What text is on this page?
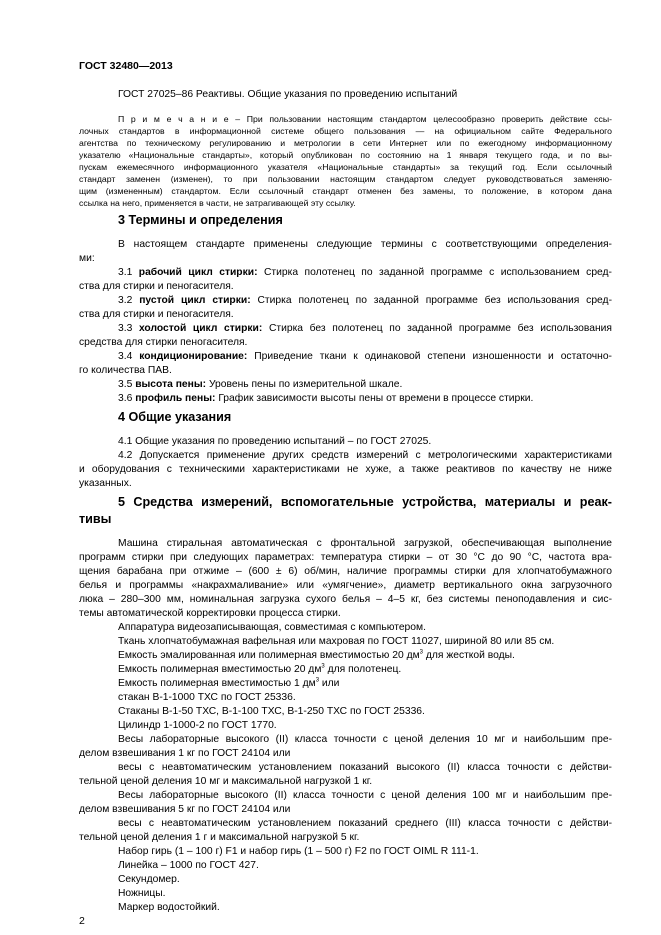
ГОСТ 32480—2013
ГОСТ 27025–86 Реактивы. Общие указания по проведению испытаний
П р и м е ч а н и е – При пользовании настоящим стандартом целесообразно проверить действие ссы-
лочных стандартов в информационной системе общего пользования — на официальном сайте Федерального
агентства по техническому регулированию и метрологии в сети Интернет или по ежегодному информационному
указателю «Национальные стандарты», который опубликован по состоянию на 1 января текущего года, и по вы-
пускам ежемесячного информационного указателя «Национальные стандарты» за текущий год. Если ссылочный
стандарт заменен (изменен), то при пользовании настоящим стандартом следует руководствоваться заменяю-
щим (измененным) стандартом. Если ссылочный стандарт отменен без замены, то положение, в котором дана
ссылка на него, применяется в части, не затрагивающей эту ссылку.
3 Термины и определения
В настоящем стандарте применены следующие термины с соответствующими определения-
ми:
3.1 рабочий цикл стирки: Стирка полотенец по заданной программе с использованием сред-
ства для стирки и пеногасителя.
3.2 пустой цикл стирки: Стирка полотенец по заданной программе без использования сред-
ства для стирки и пеногасителя.
3.3 холостой цикл стирки: Стирка без полотенец по заданной программе без использования
средства для стирки пеногасителя.
3.4 кондиционирование: Приведение ткани к одинаковой степени изношенности и остаточно-
го количества ПАВ.
3.5 высота пены: Уровень пены по измерительной шкале.
3.6 профиль пены: График зависимости высоты пены от времени в процессе стирки.
4 Общие указания
4.1 Общие указания по проведению испытаний – по ГОСТ 27025.
4.2 Допускается применение других средств измерений с метрологическими характеристиками
и оборудования с техническими характеристиками не хуже, а также реактивов по качеству не ниже
указанных.
5 Средства измерений, вспомогательные устройства, материалы и реак-
тивы
Машина стиральная автоматическая с фронтальной загрузкой, обеспечивающая выполнение
программ стирки при следующих параметрах: температура стирки – от 30 °С до 90 °С, частота вра-
щения барабана при отжиме – (600 ± 6) об/мин, наличие программы стирки для хлопчатобумажного
белья и программы «накрахмаливание» или «умягчение», диаметр вертикального окна загрузочного
люка – 280–300 мм, номинальная загрузка сухого белья – 4–5 кг, без системы пеноподавления и сис-
темы автоматической корректировки процесса стирки.
Аппаратура видеозаписывающая, совместимая с компьютером.
Ткань хлопчатобумажная вафельная или махровая по ГОСТ 11027, шириной 80 или 85 см.
Емкость эмалированная или полимерная вместимостью 20 $дм^3$ для жесткой воды.
Емкость полимерная вместимостью 20 $дм^3$ для полотенец.
Емкость полимерная вместимостью 1 $дм^3$ или
стакан В-1-1000 ТХС по ГОСТ 25336.
Стаканы В-1-50 ТХС, В-1-100 ТХС, В-1-250 ТХС по ГОСТ 25336.
Цилиндр 1-1000-2 по ГОСТ 1770.
Весы лабораторные высокого (II) класса точности с ценой деления 10 мг и наибольшим пре-
делом взвешивания 1 кг по ГОСТ 24104 или
весы с неавтоматическим установлением показаний высокого (II) класса точности с действи-
тельной ценой деления 10 мг и максимальной нагрузкой 1 кг.
Весы лабораторные высокого (II) класса точности с ценой деления 100 мг и наибольшим пре-
делом взвешивания 5 кг по ГОСТ 24104 или
весы с неавтоматическим установлением показаний среднего (III) класса точности с действи-
тельной ценой деления 1 г и максимальной нагрузкой 5 кг.
Набор гирь (1 – 100 г) F1 и набор гирь (1 – 500 г) F2 по ГОСТ OIML R 111-1.
Линейка – 1000 по ГОСТ 427.
Секундомер.
Ножницы.
Маркер водостойкий.
2
